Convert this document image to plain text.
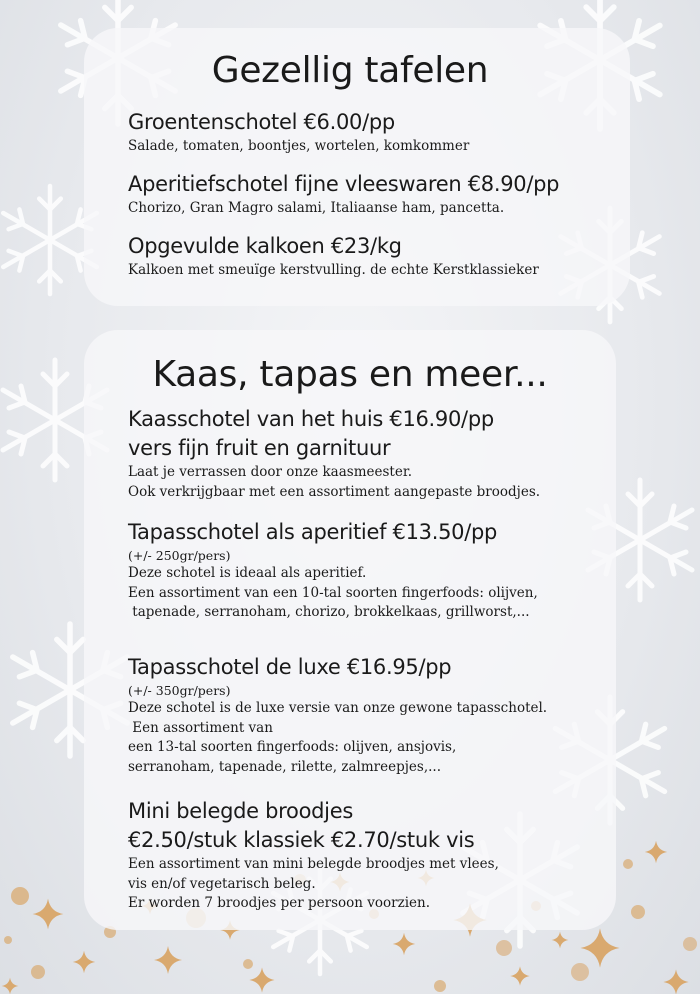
Gezellig tafelen

Groentenschotel €6.00/pp

Salade, tomaten, boontjes, wortelen, komkommer

Aperitiefschotel fijne vleeswaren €8.90/pp

Chorizo, Gran Magro salami, Italiaanse ham, pancetta.

Opgevulde kalkoen €23/kg

Kalkoen met smeuïge kerstvulling. de echte Kerstklassieker

Kaas, tapas en meer...

Kaasschotel van het huis €16.90/pp

vers fijn fruit en garnituur

Laat je verrassen door onze kaasmeester.

Ook verkrijgbaar met een assortiment aangepaste broodjes.

Tapasschotel als aperitief €13.50/pp

(+/- 250gr/pers)

Deze schotel is ideaal als aperitief.

Een assortiment van een 10-tal soorten fingerfoods: olijven,

tapenade, serranoham, chorizo, brokkelkaas, grillworst,...

Tapasschotel de luxe €16.95/pp

(+/- 350gr/pers)

Deze schotel is de luxe versie van onze gewone tapasschotel.

Een assortiment van

een 13-tal soorten fingerfoods: olijven, ansjovis,

serranoham, tapenade, rilette, zalmreepjes,...

Mini belegde broodjes

€2.50/stuk klassiek €2.70/stuk vis

Een assortiment van mini belegde broodjes met vlees,

vis en/of vegetarisch beleg.

Er worden 7 broodjes per persoon voorzien.
